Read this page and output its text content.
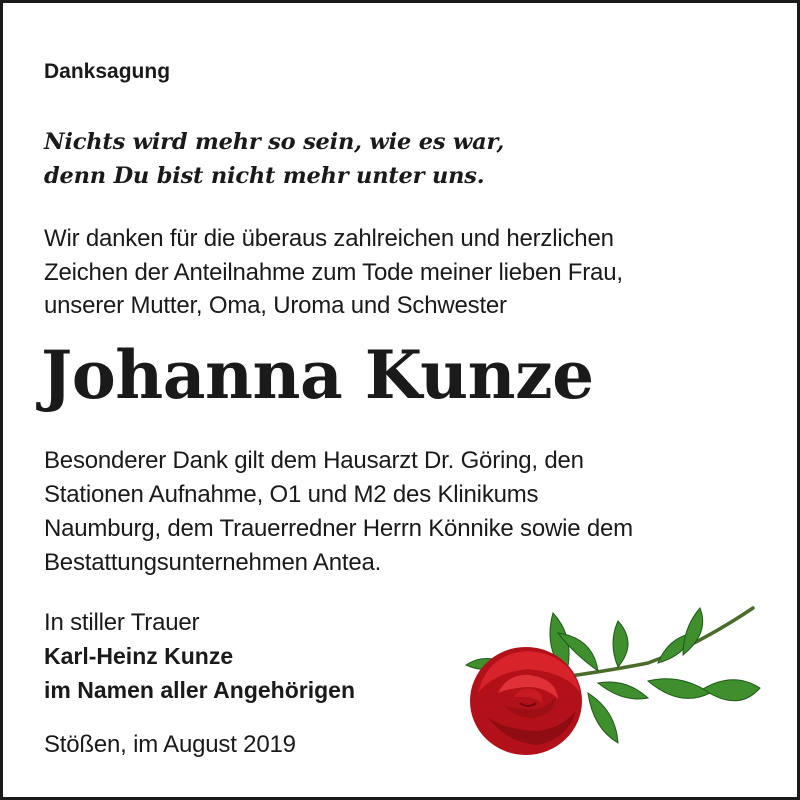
Danksagung
Nichts wird mehr so sein, wie es war,
denn Du bist nicht mehr unter uns.
Wir danken für die überaus zahlreichen und herzlichen
Zeichen der Anteilnahme zum Tode meiner lieben Frau,
unserer Mutter, Oma, Uroma und Schwester
Johanna Kunze
Besonderer Dank gilt dem Hausarzt Dr. Göring, den
Stationen Aufnahme, O1 und M2 des Klinikums
Naumburg, dem Trauerredner Herrn Könnike sowie dem
Bestattungsunternehmen Antea.
In stiller Trauer
Karl-Heinz Kunze
im Namen aller Angehörigen
Stößen, im August 2019
